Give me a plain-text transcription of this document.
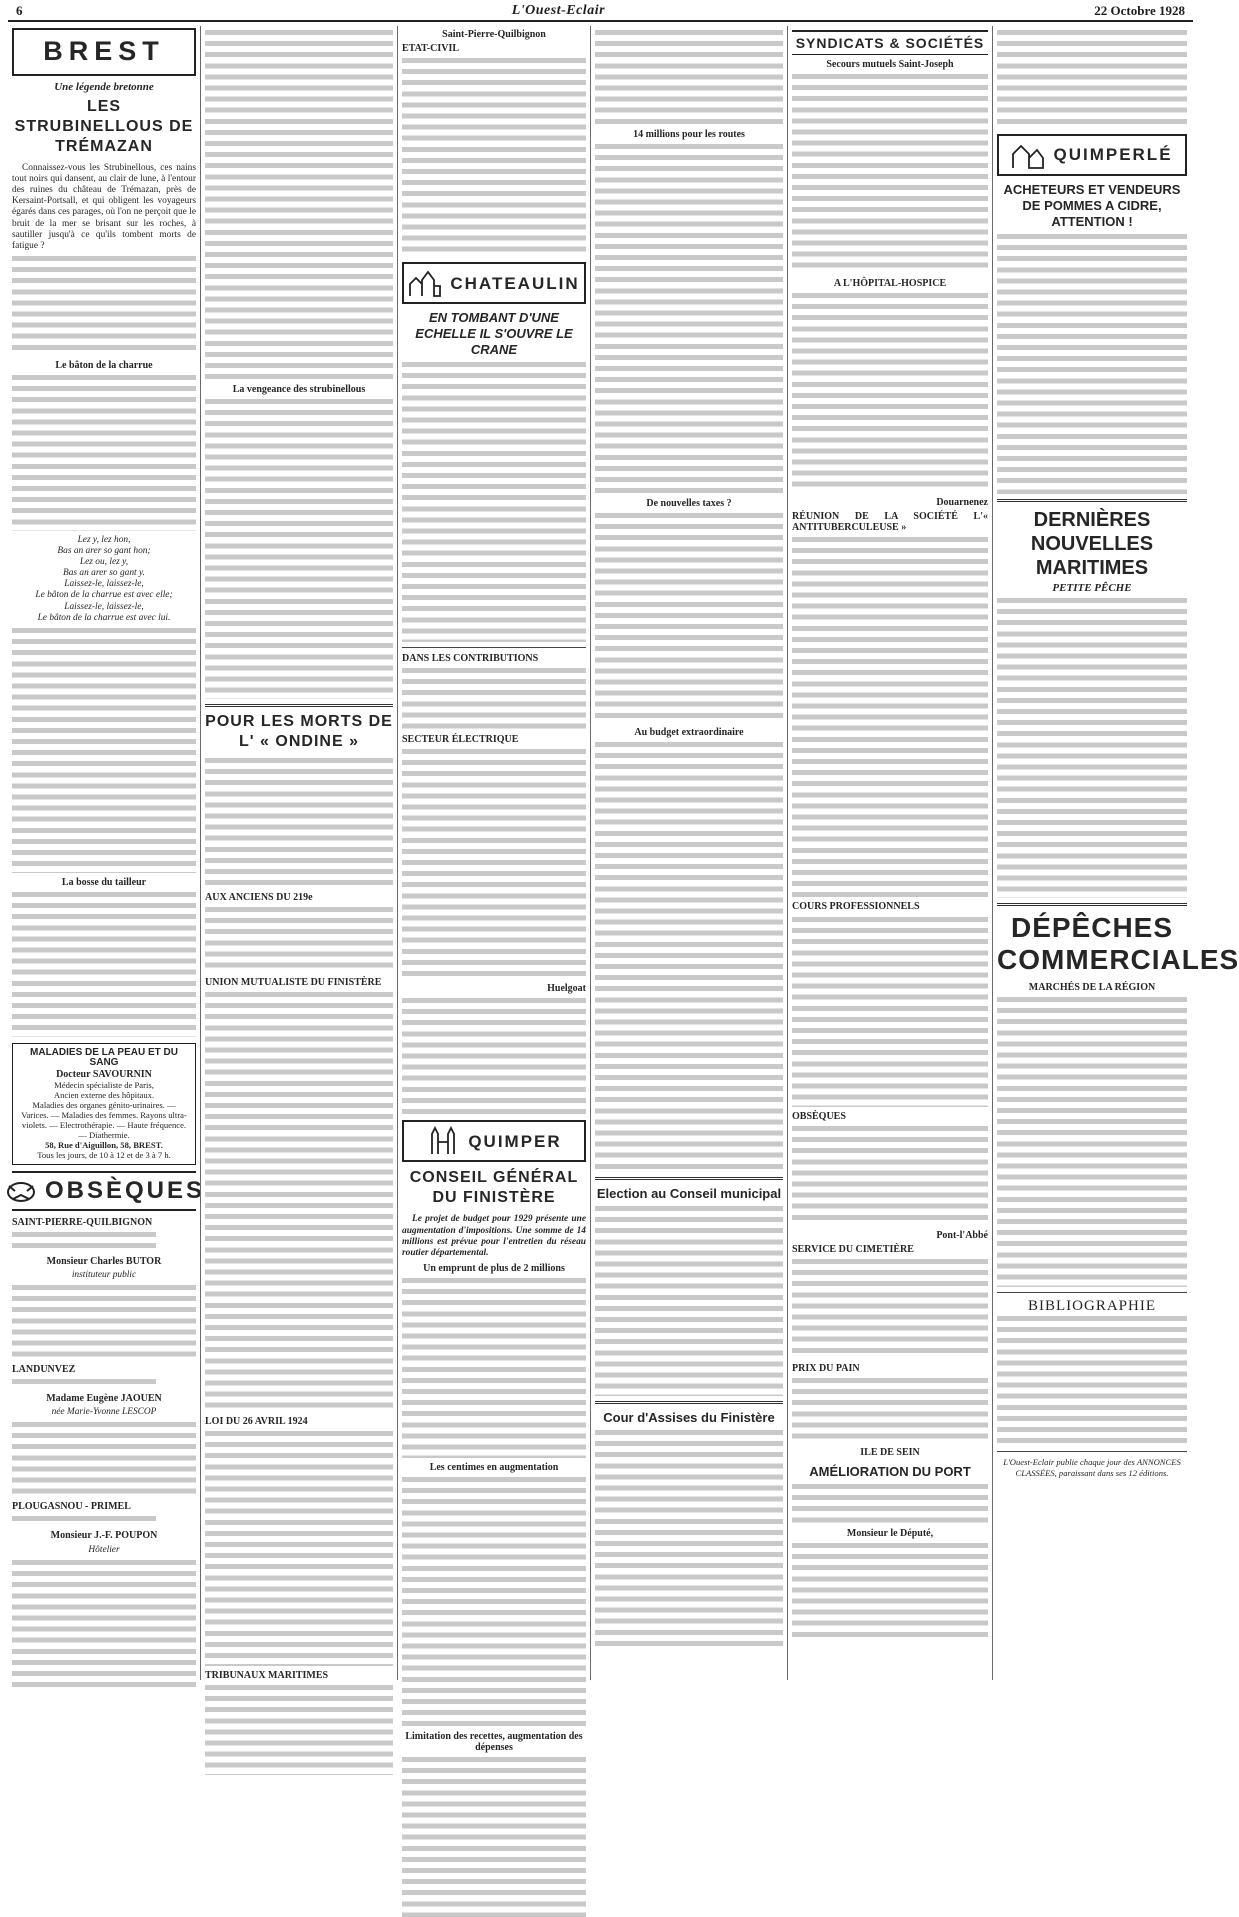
6	L'Ouest-Eclair	22 Octobre 1928
BREST
Une légende bretonne
LES STRUBINELLOUS DE TRÉMAZAN
Connaissez-vous les Strubinellous, ces nains tout noirs qui dansent, au clair de lune, à l'entour des ruines du château de Trémazan, près de Kersaint-Portsall, et qui obligent les voyageurs égarés dans ces parages, où l'on ne perçoit que le bruit de la mer se brisant sur les roches, à sautiller jusqu'à ce qu'ils tombent morts de fatigue ?
Le bâton de la charrue
Lez y, lez hon,
Bas an arer so gant hon;
Lez ou, lez y,
Bas an arer so gant y.
Laissez-le, laissez-le,
Le bâton de la charrue est avec elle;
Laissez-le, laissez-le,
Le bâton de la charrue est avec lui.
La bosse du tailleur
MALADIES DE LA PEAU ET DU SANG
Docteur SAVOURNIN
Médecin spécialiste de Paris,
Ancien externe des hôpitaux.
Maladies des organes génito-urinaires. — Varices. — Maladies des femmes. Rayons ultra-violets. — Electrothérapie. — Haute fréquence. — Diathermie.
58, Rue d'Aiguillon, 58, BREST.
Tous les jours, de 10 à 12 et de 3 à 7 h.
OBSÈQUES
SAINT-PIERRE-QUILBIGNON
Monsieur Charles BUTOR
instituteur public
LANDUNVEZ
Madame Eugène JAOUEN
née Marie-Yvonne LESCOP
PLOUGASNOU - PRIMEL
Monsieur J.-F. POUPON
Hôtelier
La vengeance des strubinellous
POUR LES MORTS DE L' « ONDINE »
AUX ANCIENS DU 219e
UNION MUTUALISTE DU FINISTÈRE
LOI DU 26 AVRIL 1924
TRIBUNAUX MARITIMES
Saint-Pierre-Quilbignon
ETAT-CIVIL
CHATEAULIN
EN TOMBANT D'UNE ECHELLE IL S'OUVRE LE CRANE
DANS LES CONTRIBUTIONS
SECTEUR ÉLECTRIQUE
Huelgoat
QUIMPER
CONSEIL GÉNÉRAL DU FINISTÈRE
Le projet de budget pour 1929 présente une augmentation d'impositions. Une somme de 14 millions est prévue pour l'entretien du réseau routier départemental.
Un emprunt de plus de 2 millions
Les centimes en augmentation
Limitation des recettes, augmentation des dépenses
14 millions pour les routes
De nouvelles taxes ?
Au budget extraordinaire
Election au Conseil municipal
Cour d'Assises du Finistère
SYNDICATS & SOCIÉTÉS
Secours mutuels Saint-Joseph
A L'HÔPITAL-HOSPICE
Douarnenez
RÉUNION DE LA SOCIÉTÉ L'« ANTITUBERCULEUSE »
COURS PROFESSIONNELS
OBSÈQUES
Pont-l'Abbé
SERVICE DU CIMETIÈRE
PRIX DU PAIN
ILE DE SEIN
AMÉLIORATION DU PORT
Monsieur le Député,
QUIMPERLÉ
ACHETEURS ET VENDEURS DE POMMES A CIDRE, ATTENTION !
DERNIÈRES NOUVELLES MARITIMES
PETITE PÊCHE
DÉPÊCHES COMMERCIALES
MARCHÉS DE LA RÉGION
BIBLIOGRAPHIE
L'Ouest-Eclair publie chaque jour des ANNONCES CLASSÉES, paraissant dans ses 12 éditions.
